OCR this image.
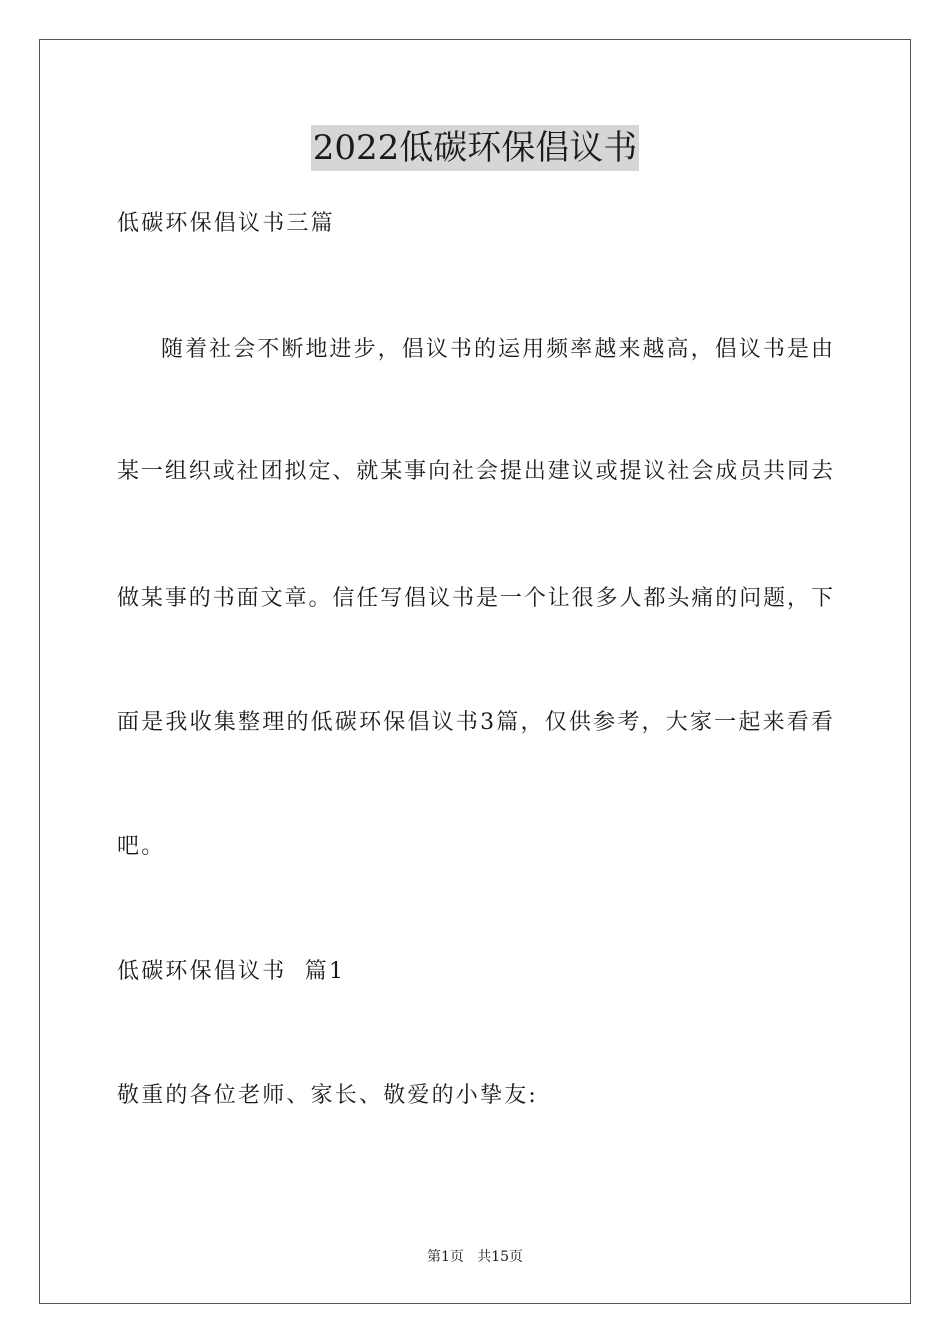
2022低碳环保倡议书
低碳环保倡议书三篇
随着社会不断地进步，倡议书的运用频率越来越高，倡议书是由
某一组织或社团拟定、就某事向社会提出建议或提议社会成员共同去
做某事的书面文章。信任写倡议书是一个让很多人都头痛的问题，下
面是我收集整理的低碳环保倡议书3篇，仅供参考，大家一起来看看
吧。
低碳环保倡议书  篇1
敬重的各位老师、家长、敬爱的小挚友:
第1页   共15页
